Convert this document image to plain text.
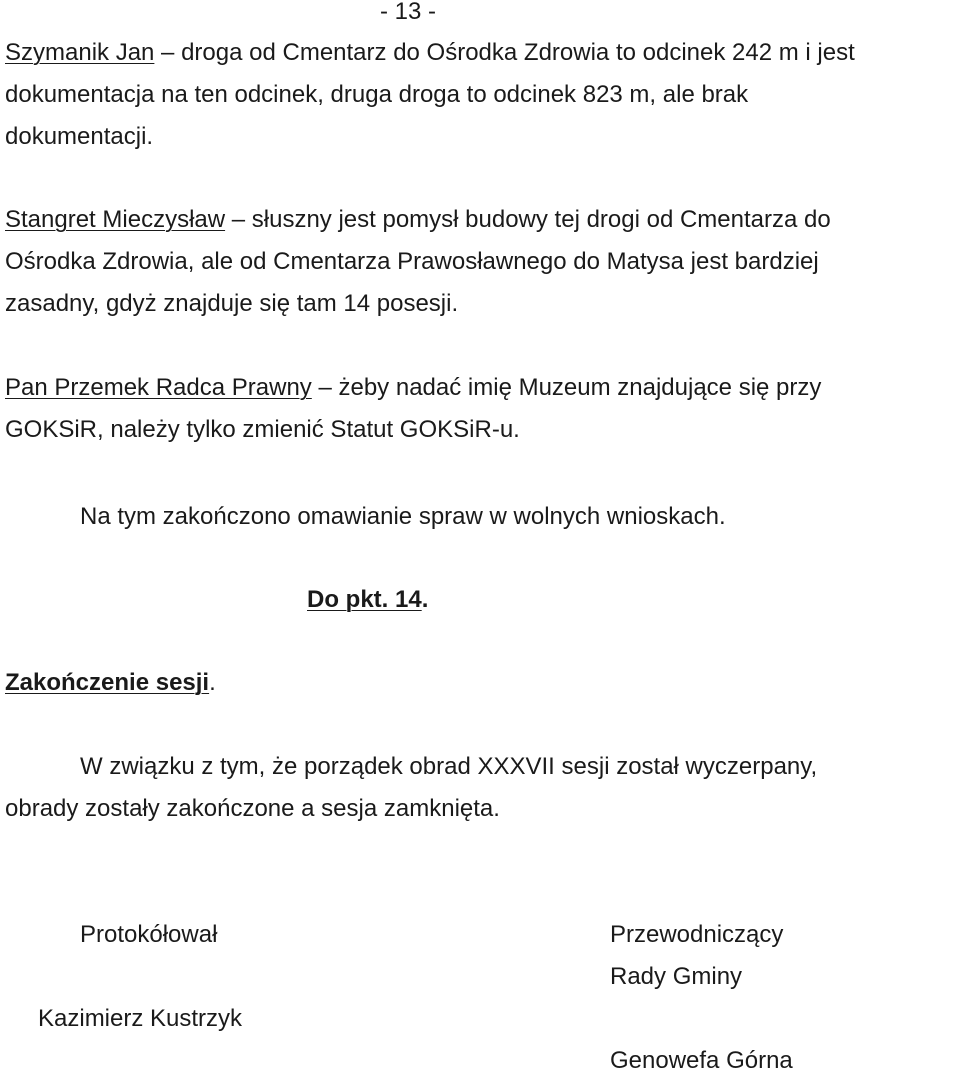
- 13 -

Szymanik Jan – droga od Cmentarz do Ośrodka Zdrowia to odcinek 242 m i jest

dokumentacja na ten odcinek, druga droga to odcinek 823 m, ale brak

dokumentacji.

Stangret Mieczysław – słuszny jest pomysł budowy tej drogi od Cmentarza do

Ośrodka Zdrowia, ale od Cmentarza Prawosławnego do Matysa jest bardziej

zasadny, gdyż znajduje się tam 14 posesji.

Pan Przemek Radca Prawny – żeby nadać imię Muzeum znajdujące się przy

GOKSiR, należy tylko zmienić Statut GOKSiR-u.

Na tym zakończono omawianie spraw w wolnych wnioskach.
Do pkt. 14.
Zakończenie sesji.
W związku z tym, że porządek obrad XXXVII sesji został wyczerpany,
obrady zostały zakończone a sesja zamknięta.
Protokółował
Kazimierz Kustrzyk
Przewodniczący
Rady Gminy
Genowefa Górna
